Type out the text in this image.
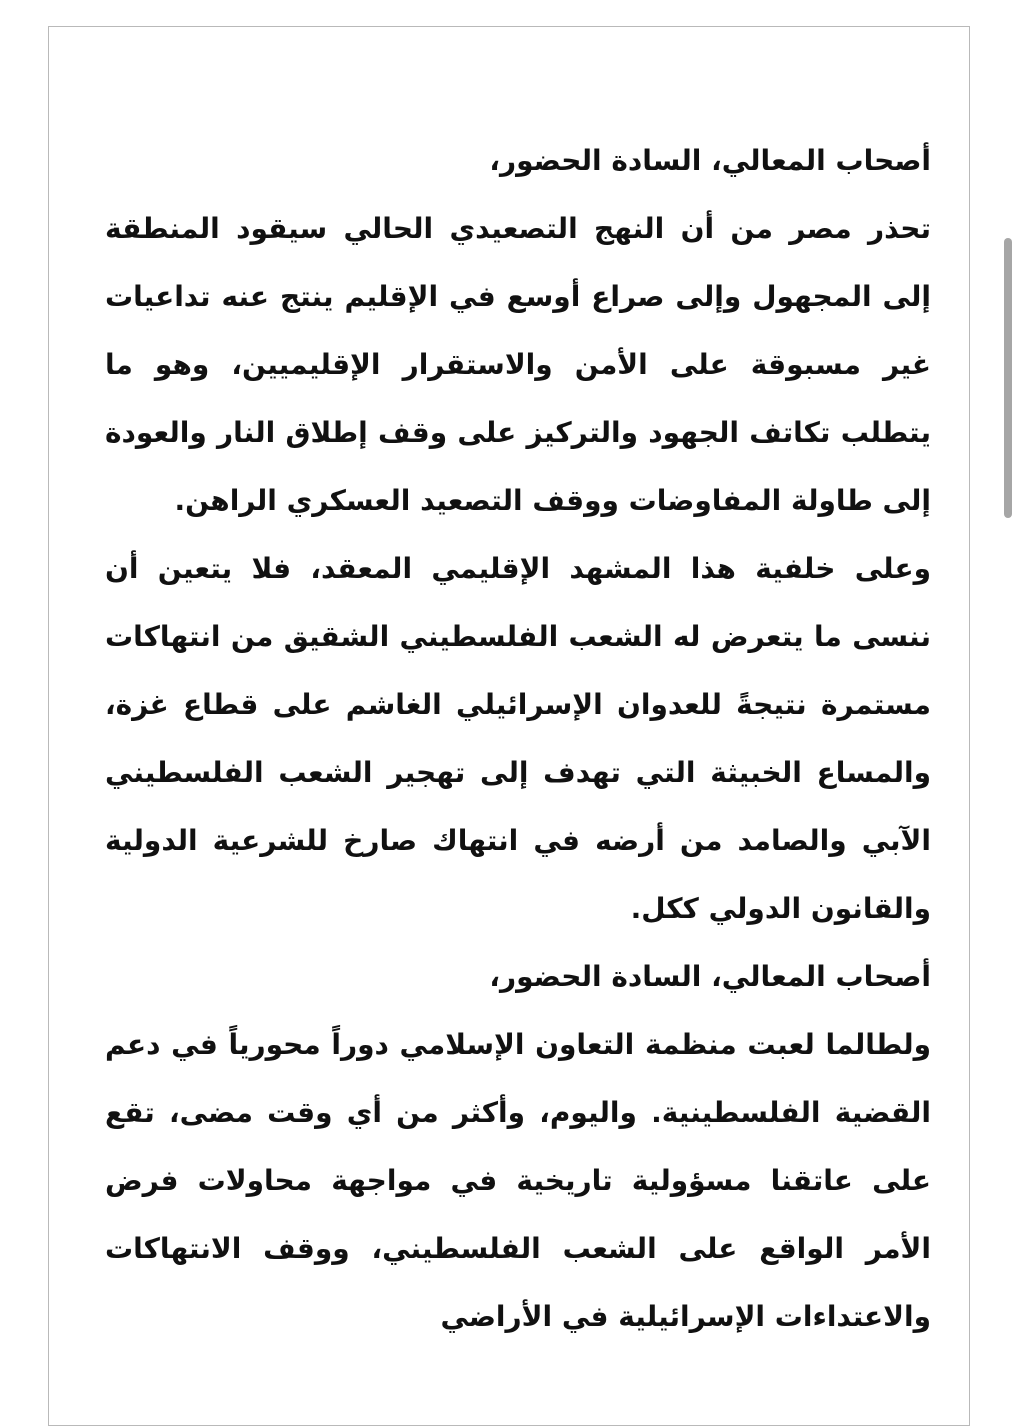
أصحاب المعالي، السادة الحضور،

تحذر مصر من أن النهج التصعيدي الحالي سيقود المنطقة إلى المجهول وإلى صراع أوسع في الإقليم ينتج عنه تداعيات غير مسبوقة على الأمن والاستقرار الإقليميين، وهو ما يتطلب تكاتف الجهود والتركيز على وقف إطلاق النار والعودة إلى طاولة المفاوضات ووقف التصعيد العسكري الراهن.

وعلى خلفية هذا المشهد الإقليمي المعقد، فلا يتعين أن ننسى ما يتعرض له الشعب الفلسطيني الشقيق من انتهاكات مستمرة نتيجةً للعدوان الإسرائيلي الغاشم على قطاع غزة، والمساع الخبيثة التي تهدف إلى تهجير الشعب الفلسطيني الآبي والصامد من أرضه في انتهاك صارخ للشرعية الدولية والقانون الدولي ككل.

أصحاب المعالي، السادة الحضور،

ولطالما لعبت منظمة التعاون الإسلامي دوراً محورياً في دعم القضية الفلسطينية. واليوم، وأكثر من أي وقت مضى، تقع على عاتقنا مسؤولية تاريخية في مواجهة محاولات فرض الأمر الواقع على الشعب الفلسطيني، ووقف الانتهاكات والاعتداءات الإسرائيلية في الأراضي
